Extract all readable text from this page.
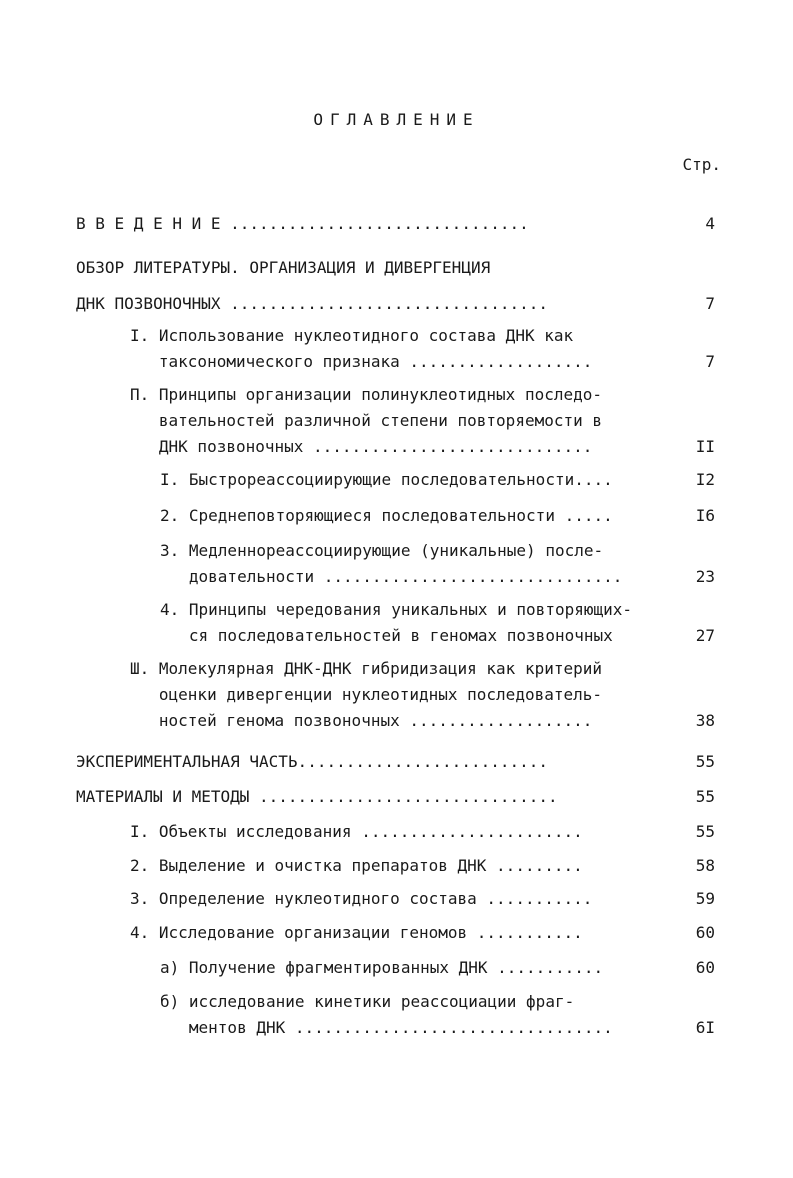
ОГЛАВЛЕНИЕ
Стр.
В В Е Д Е Н И Е ...............................	4
ОБЗОР ЛИТЕРАТУРЫ. ОРГАНИЗАЦИЯ И ДИВЕРГЕНЦИЯ
ДНК ПОЗВОНОЧНЫХ .................................	7
I. Использование нуклеотидного состава ДНК как
таксономического признака ...................	7
П. Принципы организации полинуклеотидных последо-
вательностей различной степени повторяемости в
ДНК позвоночных .............................	II
I. Быстрореассоциирующие последовательности....	I2
2. Среднеповторяющиеся последовательности .....	I6
3. Медленнореассоциирующие (уникальные) после-
довательности ...............................	23
4. Принципы чередования уникальных и повторяющих-
ся последовательностей в геномах позвоночных	27
Ш. Молекулярная ДНК-ДНК гибридизация как критерий
оценки дивергенции нуклеотидных последователь-
ностей генома позвоночных ...................	38
ЭКСПЕРИМЕНТАЛЬНАЯ ЧАСТЬ..........................	55
МАТЕРИАЛЫ И МЕТОДЫ ...............................	55
I. Объекты исследования .......................	55
2. Выделение и очистка препаратов ДНК .........	58
3. Определение нуклеотидного состава ...........	59
4. Исследование организации геномов ...........	60
а) Получение фрагментированных ДНК ...........	60
б) исследование кинетики реассоциации фраг-
ментов ДНК .................................	6I
